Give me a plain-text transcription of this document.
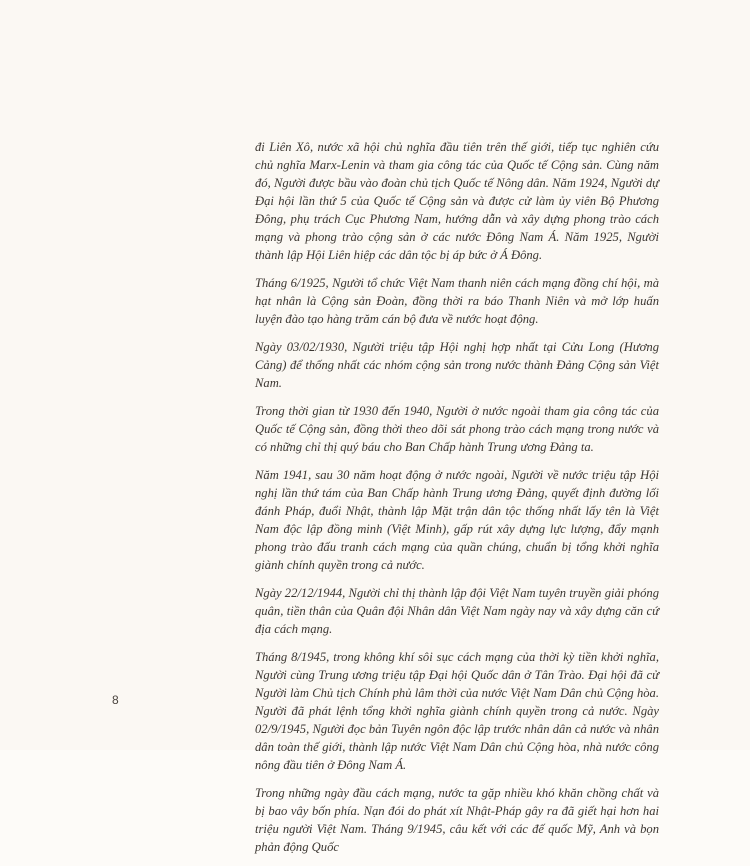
đi Liên Xô, nước xã hội chủ nghĩa đầu tiên trên thế giới, tiếp tục nghiên cứu chủ nghĩa Marx-Lenin và tham gia công tác của Quốc tế Cộng sản. Cùng năm đó, Người được bầu vào đoàn chủ tịch Quốc tế Nông dân. Năm 1924, Người dự Đại hội lần thứ 5 của Quốc tế Cộng sản và được cử làm ủy viên Bộ Phương Đông, phụ trách Cục Phương Nam, hướng dẫn và xây dựng phong trào cách mạng và phong trào cộng sản ở các nước Đông Nam Á. Năm 1925, Người thành lập Hội Liên hiệp các dân tộc bị áp bức ở Á Đông.

Tháng 6/1925, Người tổ chức Việt Nam thanh niên cách mạng đồng chí hội, mà hạt nhân là Cộng sản Đoàn, đồng thời ra báo Thanh Niên và mở lớp huấn luyện đào tạo hàng trăm cán bộ đưa về nước hoạt động.

Ngày 03/02/1930, Người triệu tập Hội nghị hợp nhất tại Cửu Long (Hương Cảng) để thống nhất các nhóm cộng sản trong nước thành Đảng Cộng sản Việt Nam.

Trong thời gian từ 1930 đến 1940, Người ở nước ngoài tham gia công tác của Quốc tế Cộng sản, đồng thời theo dõi sát phong trào cách mạng trong nước và có những chỉ thị quý báu cho Ban Chấp hành Trung ương Đảng ta.

Năm 1941, sau 30 năm hoạt động ở nước ngoài, Người về nước triệu tập Hội nghị lần thứ tám của Ban Chấp hành Trung ương Đảng, quyết định đường lối đánh Pháp, đuổi Nhật, thành lập Mặt trận dân tộc thống nhất lấy tên là Việt Nam độc lập đồng minh (Việt Minh), gấp rút xây dựng lực lượng, đẩy mạnh phong trào đấu tranh cách mạng của quần chúng, chuẩn bị tổng khởi nghĩa giành chính quyền trong cả nước.

Ngày 22/12/1944, Người chỉ thị thành lập đội Việt Nam tuyên truyền giải phóng quân, tiền thân của Quân đội Nhân dân Việt Nam ngày nay và xây dựng căn cứ địa cách mạng.

Tháng 8/1945, trong không khí sôi sục cách mạng của thời kỳ tiền khởi nghĩa, Người cùng Trung ương triệu tập Đại hội Quốc dân ở Tân Trào. Đại hội đã cử Người làm Chủ tịch Chính phủ lâm thời của nước Việt Nam Dân chủ Cộng hòa. Người đã phát lệnh tổng khởi nghĩa giành chính quyền trong cả nước. Ngày 02/9/1945, Người đọc bản Tuyên ngôn độc lập trước nhân dân cả nước và nhân dân toàn thế giới, thành lập nước Việt Nam Dân chủ Cộng hòa, nhà nước công nông đầu tiên ở Đông Nam Á.

Trong những ngày đầu cách mạng, nước ta gặp nhiều khó khăn chồng chất và bị bao vây bốn phía. Nạn đói do phát xít Nhật-Pháp gây ra đã giết hại hơn hai triệu người Việt Nam. Tháng 9/1945, câu kết với các đế quốc Mỹ, Anh và bọn phản động Quốc

8
